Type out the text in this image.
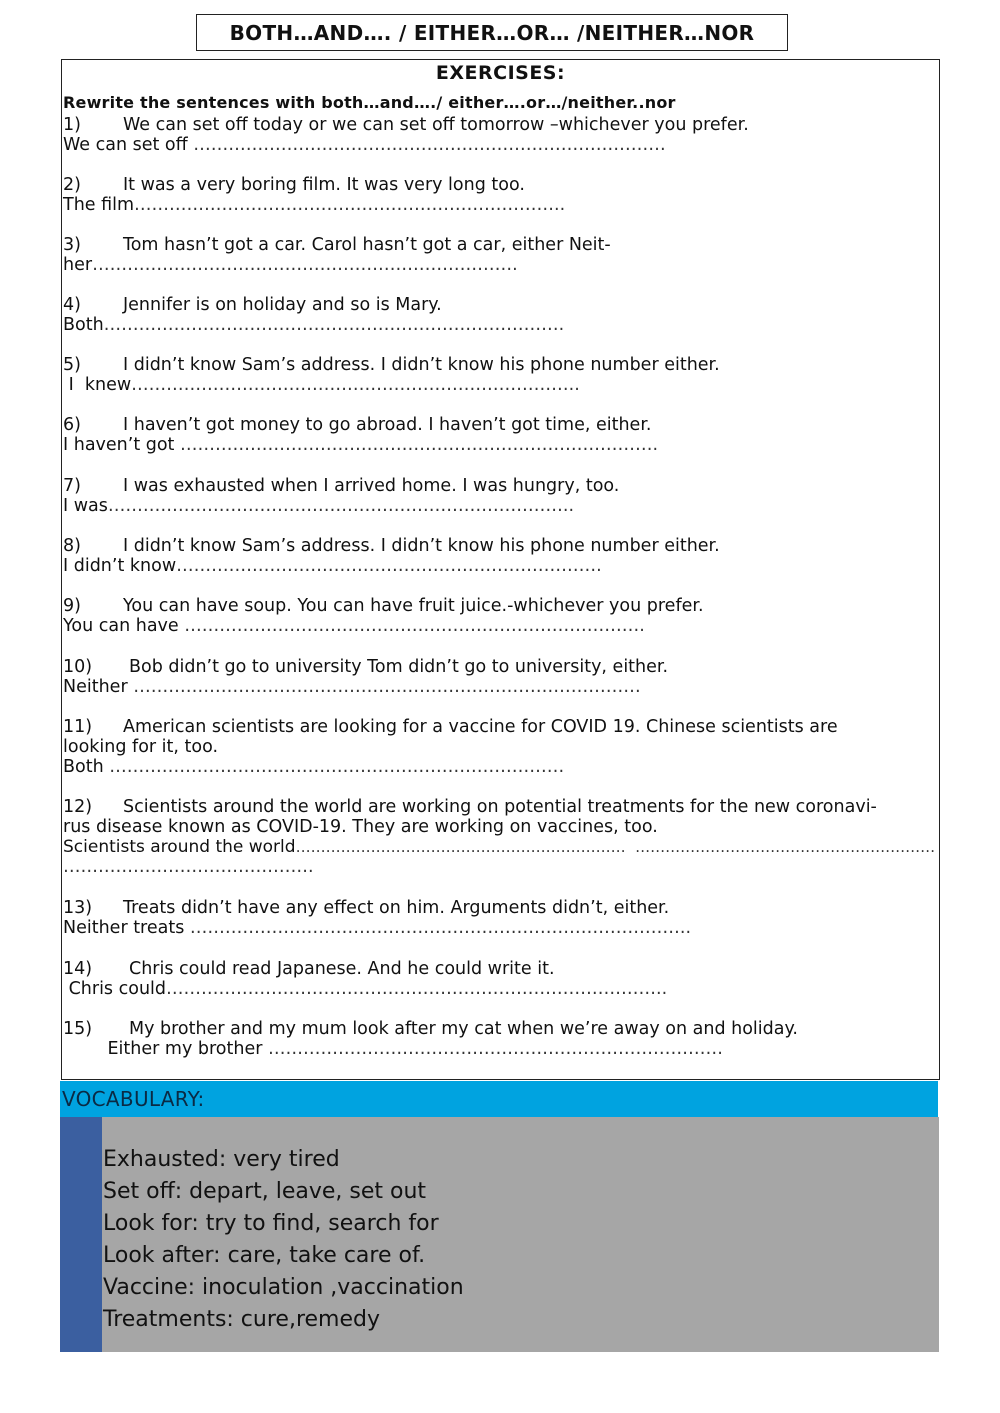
BOTH…AND…. / EITHER…OR… /NEITHER…NOR
EXERCISES:
Rewrite the sentences with both…and…./ either….or…/neither..nor
1) We can set off today or we can set off tomorrow –whichever you prefer.
We can set off ………………………………………………………………………
2) It was a very boring film. It was very long too.
The film………………………………………………………………..
3) Tom hasn’t got a car. Carol hasn’t got a car, either Neit-
her……………………………………………………………….
4) Jennifer is on holiday and so is Mary.
Both…………………………………………………………………….
5) I didn’t know Sam’s address. I didn’t know his phone number either.
I  knew…………………………………………………………………..
6) I haven’t got money to go abroad. I haven’t got time, either.
I haven’t got ……………………………………………………………………….
7) I was exhausted when I arrived home. I was hungry, too.
I was……………………………………………………………………..
8) I didn’t know Sam’s address. I didn’t know his phone number either.
I didn’t know……………………………………………………………….
9) You can have soup. You can have fruit juice.-whichever you prefer.
You can have …………………………………………………………………….
10) Bob didn’t go to university Tom didn’t go to university, either.
Neither ……………………………………………………………………………
11) American scientists are looking for a vaccine for COVID 19. Chinese scientists are
looking for it, too.
Both ……………………………………………………………………
12) Scientists around the world are working on potential treatments for the new coronavi-
rus disease known as COVID-19. They are working on vaccines, too.
Scientists around the world…………………………………………………………  ……………………………………………………
…………………………………….
13) Treats didn’t have any effect on him. Arguments didn’t, either.
Neither treats …………………………………………………………………………..
14) Chris could read Japanese. And he could write it.
Chris could…………………………………………………………………………..
15) My brother and my mum look after my cat when we’re away on and holiday.
Either my brother ……………………………………………………………………
VOCABULARY:
Exhausted: very tired
Set off: depart, leave, set out
Look for: try to find, search for
Look after: care, take care of.
Vaccine: inoculation ,vaccination
Treatments: cure,remedy
